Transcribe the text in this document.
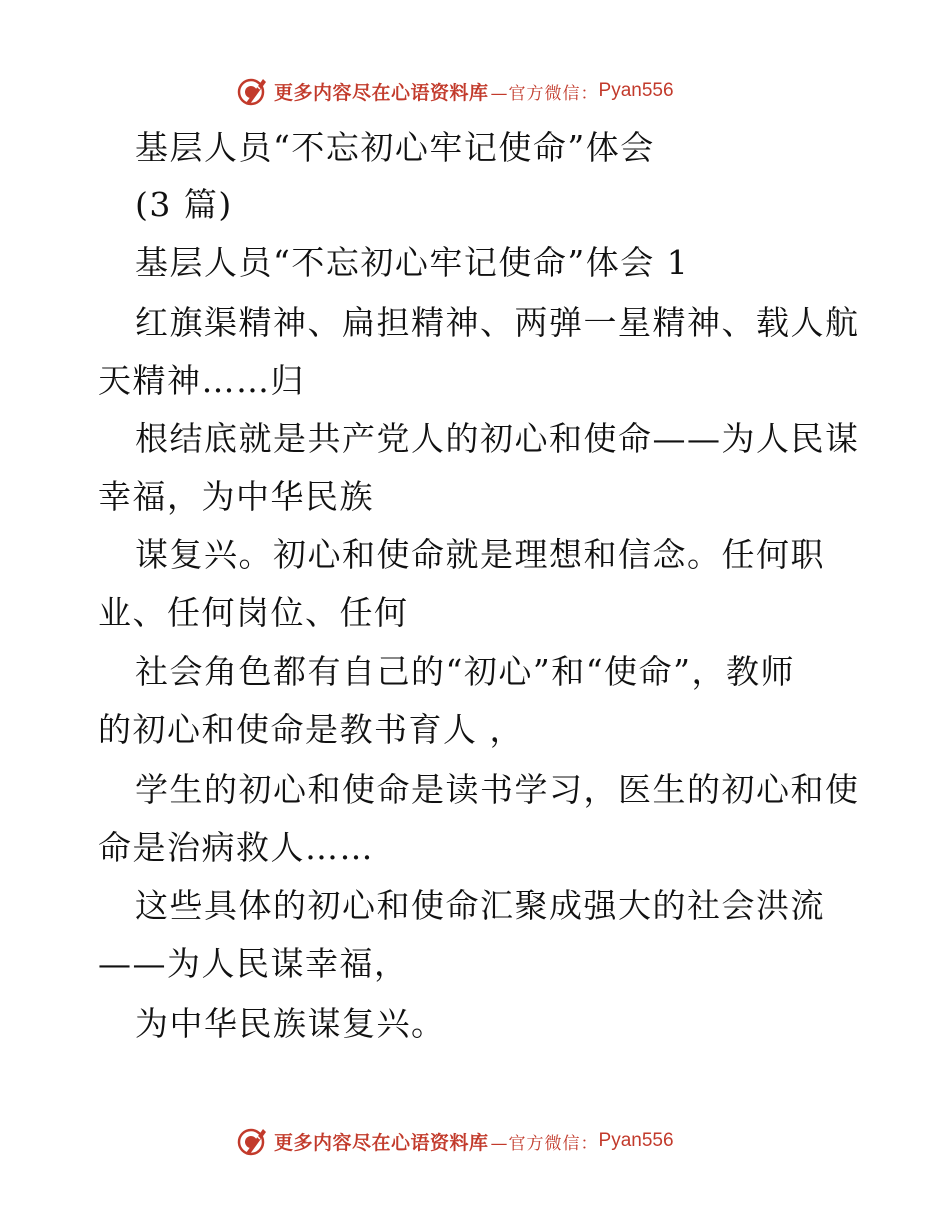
更多内容尽在心语资料库 —官方微信： Pyan556
基层人员“不忘初心牢记使命”体会
(3 篇)
基层人员“不忘初心牢记使命”体会 1
红旗渠精神、扁担精神、两弹一星精神、载人航
天精神……归
根结底就是共产党人的初心和使命——为人民谋
幸福，为中华民族
谋复兴。初心和使命就是理想和信念。任何职
业、任何岗位、任何
社会角色都有自己的“初心”和“使命”，教师
的初心和使命是教书育人 ，
学生的初心和使命是读书学习，医生的初心和使
命是治病救人……
这些具体的初心和使命汇聚成强大的社会洪流
——为人民谋幸福，
为中华民族谋复兴。
更多内容尽在心语资料库 —官方微信： Pyan556
